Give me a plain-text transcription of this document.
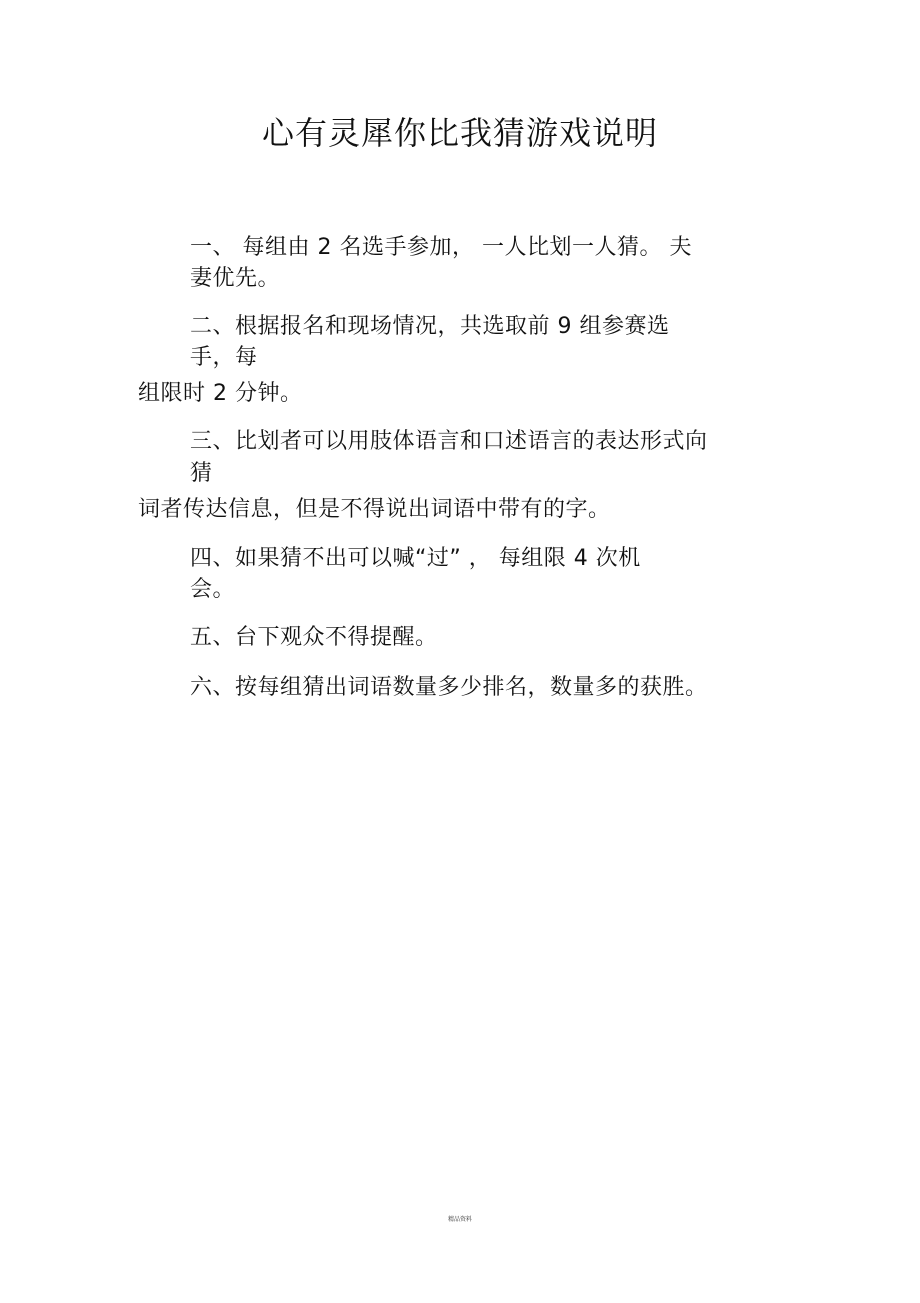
心有灵犀你比我猜游戏说明
一、 每组由 2 名选手参加， 一人比划一人猜。 夫
妻优先。
二、根据报名和现场情况，共选取前 9 组参赛选
手，每
组限时 2 分钟。
三、比划者可以用肢体语言和口述语言的表达形式向
猜
词者传达信息，但是不得说出词语中带有的字。
四、如果猜不出可以喊“过” ， 每组限 4 次机
会。
五、台下观众不得提醒。
六、按每组猜出词语数量多少排名，数量多的获胜。
精品资料
